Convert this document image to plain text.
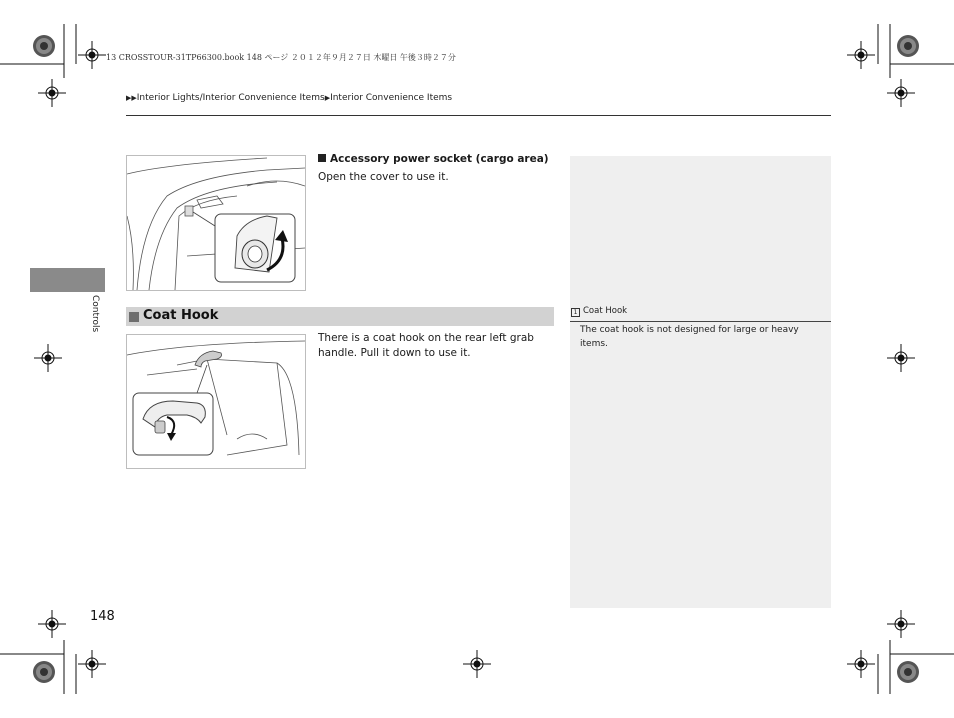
13 CROSSTOUR-31TP66300.book 148 ページ ２０１２年９月２７日 木曜日 午後３時２７分
▶▶Interior Lights/Interior Convenience Items▶Interior Convenience Items
Controls
Accessory power socket (cargo area)
Open the cover to use it.
Coat Hook
There is a coat hook on the rear left grab handle. Pull it down to use it.
1 Coat Hook
The coat hook is not designed for large or heavy items.
148
